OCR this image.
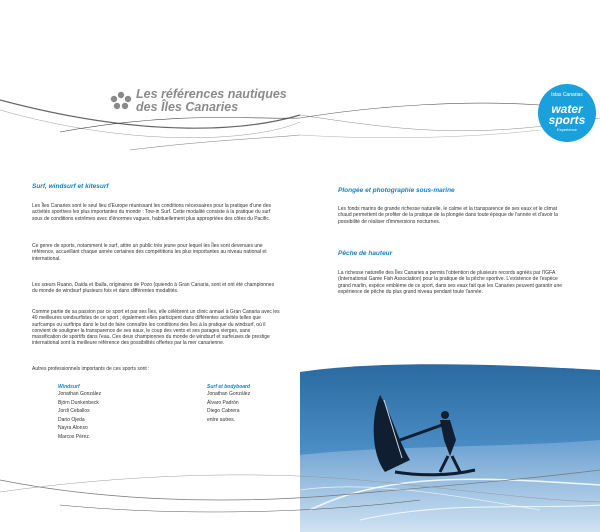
Les références nautiques
des Îles Canaries
Islas Canarias
water
sports
Experience
Surf, windsurf et kitesurf
Les Îles Canaries sont le seul lieu d'Europe réunissant les conditions nécessaires pour la pratique d'une des activités sportives les plus importantes du monde : Tow-in Surf. Cette modalité consiste à la pratique du surf sous de conditions extrêmes avec d'énormes vagues, habituellement plus appropriées des côtes du Pacific.
Ce genre de sports, notamment le surf, attire un public très jeune pour lequel les Îles sont devenues une référence, accueillant chaque année certaines des compétitions les plus importantes au niveau national et international.
Les sœurs Ruano, Daida et Iballa, originaires de Pozo (quiendo à Gran Canaria, sont et ont été championnes du monde de windsurf plusieurs fois et dans différentes modalités.
Comme partie de sa passion par ce sport et par ses Îles, elle célèbrent un clinic annuel à Gran Canaria avec les 40 meilleures windsurfistes de ce sport ; également elles participent dans différentes activités telles que surfcamps ou surftrips dans le but de faire connaître les conditions des Îles à la pratique du windsurf, où il convient de souligner la transparence de ses eaux, le coup des vents et ses parages vierges, sans massification de sportifs dans l'eau. Ces deux championnes du monde de windsurf et surfeuses de prestige international sont la meilleure référence des possibilités offertes par la mer canarienne.
Autres professionnels importants de ces sports sont :
Windsurf
Jonathan González
Björn Dunkenbeck
Jordi Ceballos
Dario Ojeda
Nayra Alonso
Marcos Pérez.
Surf et bodyboard
Jonathan González
Álvaro Padrón
Diego Cabrera
entre autres.
Plongée et photographie sous-marine
Les fonds marins de grande richesse naturelle, le calme et la transparence de ses eaux et le climat chaud permettent de profiter de la pratique de la plongée dans toute époque de l'année et d'avoir la possibilité de réaliser d'immersions nocturnes.
Pêche de hauteur
La richesse naturelle des Îles Canaries a permis l'obtention de plusieurs records agréés par l'IGFA (International Game Fish Association) pour la pratique de la pêche sportive. L'existence de l'espèce grand marlin, espèce emblème de ce sport, dans ses eaux fait que les Canaries peuvent garantir une expérience de pêche du plus grand niveau pendant toute l'année.
